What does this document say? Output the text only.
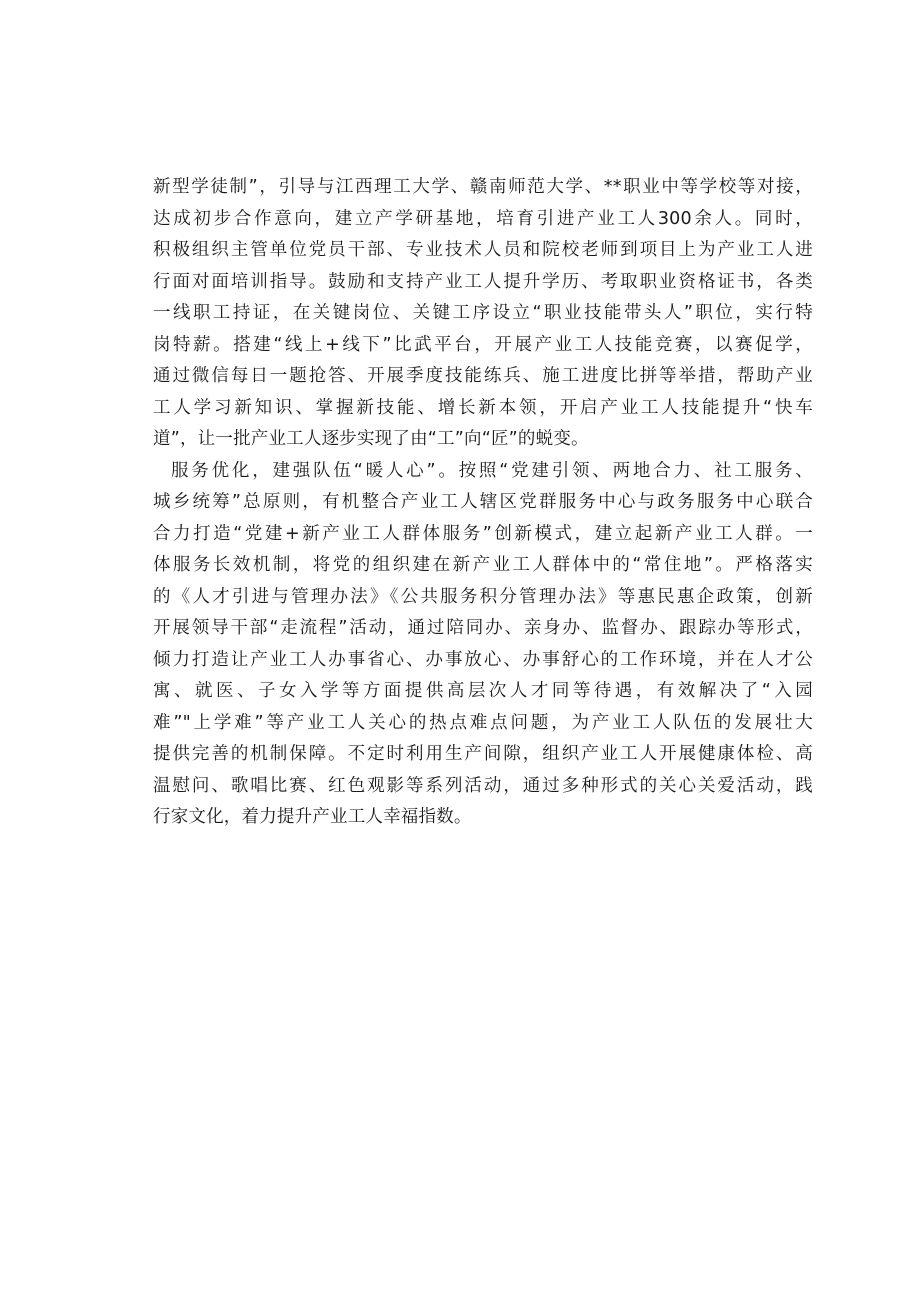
新型学徒制”，引导与江西理工大学、赣南师范大学、**职业中等学校等对接，
达成初步合作意向，建立产学研基地，培育引进产业工人300余人。同时，
积极组织主管单位党员干部、专业技术人员和院校老师到项目上为产业工人进
行面对面培训指导。鼓励和支持产业工人提升学历、考取职业资格证书，各类
一线职工持证，在关键岗位、关键工序设立“职业技能带头人”职位，实行特
岗特薪。搭建“线上+线下”比武平台，开展产业工人技能竞赛，以赛促学，
通过微信每日一题抢答、开展季度技能练兵、施工进度比拼等举措，帮助产业
工人学习新知识、掌握新技能、增长新本领，开启产业工人技能提升“快车
道”，让一批产业工人逐步实现了由“工”向“匠”的蜕变。
服务优化，建强队伍“暖人心”。按照“党建引领、两地合力、社工服务、
城乡统筹”总原则，有机整合产业工人辖区党群服务中心与政务服务中心联合
合力打造“党建+新产业工人群体服务”创新模式，建立起新产业工人群。一
体服务长效机制，将党的组织建在新产业工人群体中的“常住地”。严格落实
的《人才引进与管理办法》《公共服务积分管理办法》等惠民惠企政策，创新
开展领导干部“走流程”活动，通过陪同办、亲身办、监督办、跟踪办等形式，
倾力打造让产业工人办事省心、办事放心、办事舒心的工作环境，并在人才公
寓、就医、子女入学等方面提供高层次人才同等待遇，有效解决了“入园
难”"上学难”等产业工人关心的热点难点问题，为产业工人队伍的发展壮大
提供完善的机制保障。不定时利用生产间隙，组织产业工人开展健康体检、高
温慰问、歌唱比赛、红色观影等系列活动，通过多种形式的关心关爱活动，践
行家文化，着力提升产业工人幸福指数。
